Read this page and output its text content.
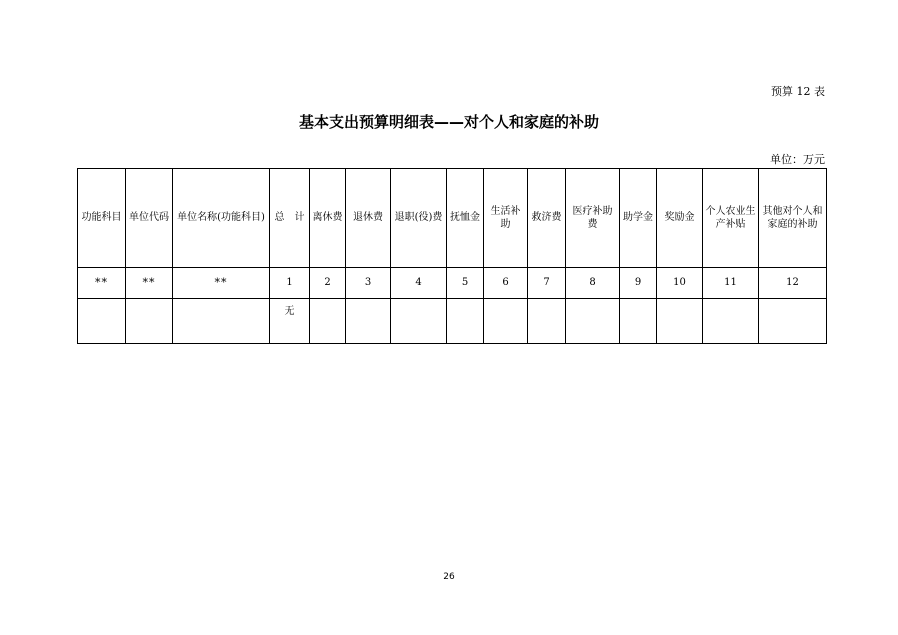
预算 12 表
基本支出预算明细表——对个人和家庭的补助
单位：万元
功能科目	单位代码	单位名称(功能科目)	总　计	离休费	退休费	退职(役)费	抚恤金	生活补助	救济费	医疗补助费	助学金	奖励金	个人农业生产补贴	其他对个人和家庭的补助
**	**	**	1	2	3	4	5	6	7	8	9	10	11	12
			无											
26
